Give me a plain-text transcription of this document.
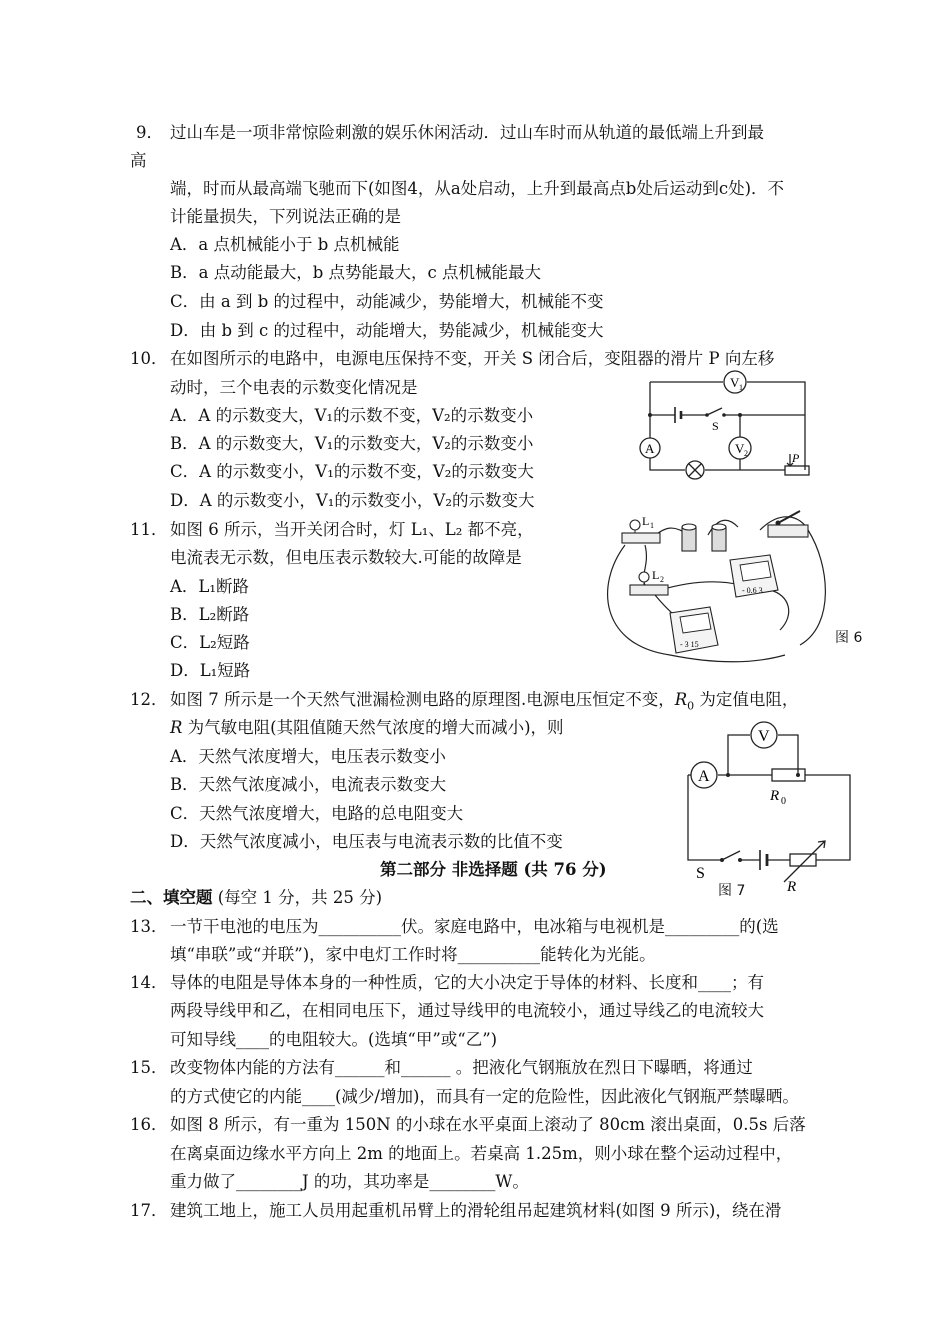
9． 过山车是一项非常惊险刺激的娱乐休闲活动．过山车时而从轨道的最低端上升到最
高
端，时而从最高端飞驰而下(如图4，从a处启动，上升到最高点b处后运动到c处)．不
计能量损失，下列说法正确的是
A．a 点机械能小于 b 点机械能
B．a 点动能最大，b 点势能最大，c 点机械能最大
C．由 a 到 b 的过程中，动能减少，势能增大，机械能不变
D．由 b 到 c 的过程中，动能增大，势能减少，机械能变大
10． 在如图所示的电路中，电源电压保持不变，开关 S 闭合后，变阻器的滑片 P 向左移
动时，三个电表的示数变化情况是
A．A 的示数变大，V₁的示数不变，V₂的示数变小
B．A 的示数变大，V₁的示数变大，V₂的示数变小
C．A 的示数变小，V₁的示数不变，V₂的示数变大
D．A 的示数变小，V₁的示数变小，V₂的示数变大
V 1
V 2
A
S
P
11． 如图 6 所示，当开关闭合时，灯 L₁、L₂ 都不亮，
电流表无示数，但电压表示数较大.可能的故障是
A．L₁断路
B．L₂断路
C．L₂短路
D．L₁短路
L 1
L 2
- 0.6 3
- 3 15	图 6
12． 如图 7 所示是一个天然气泄漏检测电路的原理图.电源电压恒定不变，$R_0$ 为定值电阻，
R 为气敏电阻(其阻值随天然气浓度的增大而减小)，则
A．天然气浓度增大，电压表示数变小
B．天然气浓度减小，电流表示数变大
C．天然气浓度增大，电路的总电阻变大
D．天然气浓度减小，电压表与电流表示数的比值不变
V
A
R 0
S
R
图 7
第二部分 非选择题 (共 76 分)
二、填空题 (每空 1 分，共 25 分)
13． 一节干电池的电压为__________伏。家庭电路中，电冰箱与电视机是_________的(选
填“串联”或“并联”)，家中电灯工作时将__________能转化为光能。
14． 导体的电阻是导体本身的一种性质，它的大小决定于导体的材料、长度和____；有
两段导线甲和乙，在相同电压下，通过导线甲的电流较小，通过导线乙的电流较大
可知导线____的电阻较大。(选填“甲”或“乙”)
15． 改变物体内能的方法有______和______ 。把液化气钢瓶放在烈日下曝晒，将通过
的方式使它的内能____(减少/增加)，而具有一定的危险性，因此液化气钢瓶严禁曝晒。
16． 如图 8 所示，有一重为 150N 的小球在水平桌面上滚动了 80cm 滚出桌面，0.5s 后落
在离桌面边缘水平方向上 2m 的地面上。若桌高 1.25m，则小球在整个运动过程中，
重力做了________J 的功，其功率是________W。
17． 建筑工地上，施工人员用起重机吊臂上的滑轮组吊起建筑材料(如图 9 所示)，绕在滑
